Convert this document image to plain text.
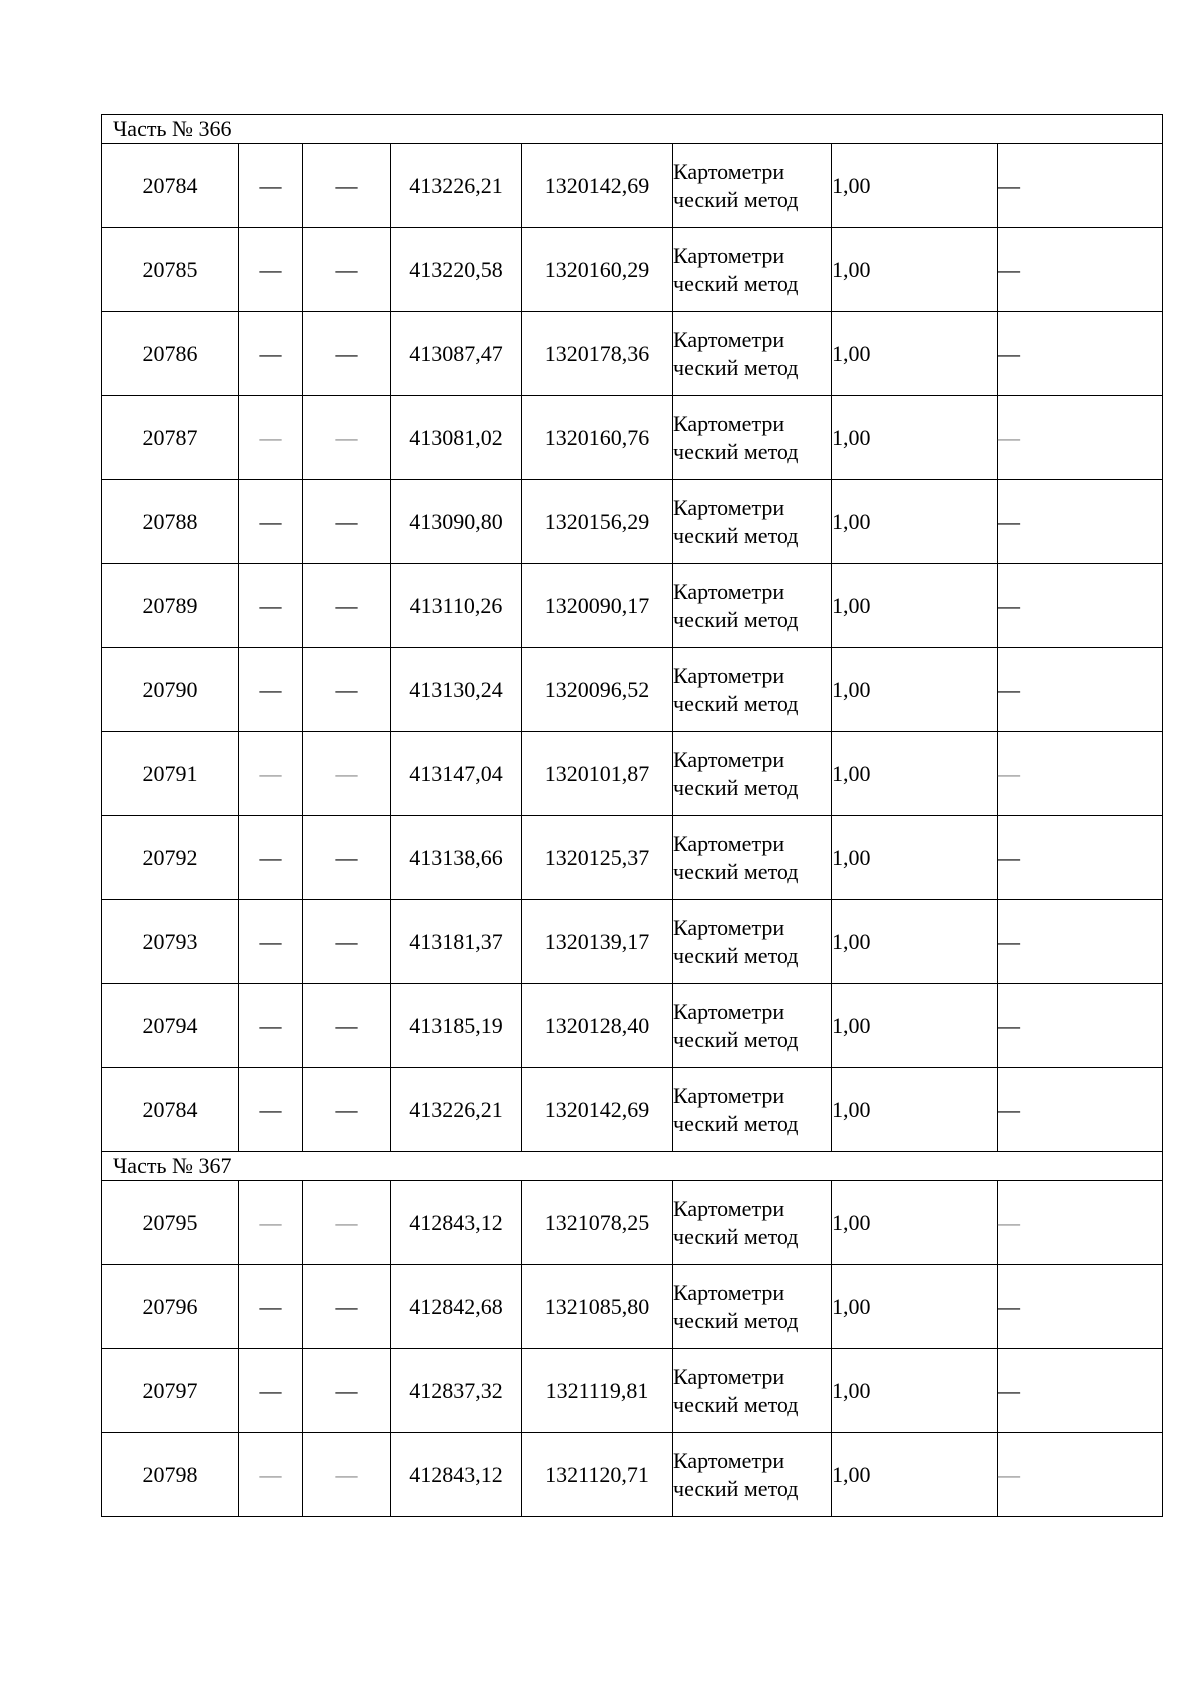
Часть № 366							
20784	—	—	413226,21	1320142,69	Картометри ческий метод	1,00	—
20785	—	—	413220,58	1320160,29	Картометри ческий метод	1,00	—
20786	—	—	413087,47	1320178,36	Картометри ческий метод	1,00	—
20787	—	—	413081,02	1320160,76	Картометри ческий метод	1,00	—
20788	—	—	413090,80	1320156,29	Картометри ческий метод	1,00	—
20789	—	—	413110,26	1320090,17	Картометри ческий метод	1,00	—
20790	—	—	413130,24	1320096,52	Картометри ческий метод	1,00	—
20791	—	—	413147,04	1320101,87	Картометри ческий метод	1,00	—
20792	—	—	413138,66	1320125,37	Картометри ческий метод	1,00	—
20793	—	—	413181,37	1320139,17	Картометри ческий метод	1,00	—
20794	—	—	413185,19	1320128,40	Картометри ческий метод	1,00	—
20784	—	—	413226,21	1320142,69	Картометри ческий метод	1,00	—
Часть № 367							
20795	—	—	412843,12	1321078,25	Картометри ческий метод	1,00	—
20796	—	—	412842,68	1321085,80	Картометри ческий метод	1,00	—
20797	—	—	412837,32	1321119,81	Картометри ческий метод	1,00	—
20798	—	—	412843,12	1321120,71	Картометри ческий метод	1,00	—
